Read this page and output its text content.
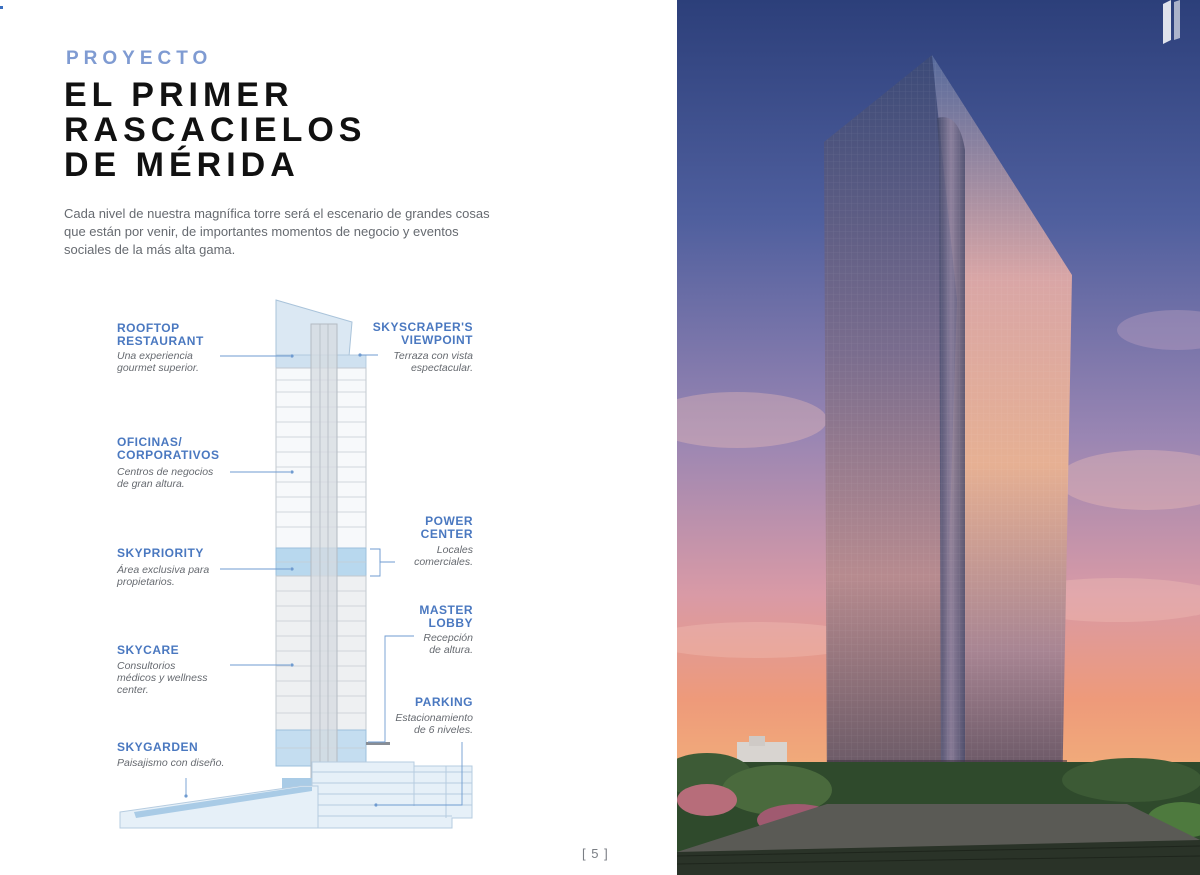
PROYECTO
EL PRIMER
RASCACIELOS
DE MÉRIDA

Cada nivel de nuestra magnífica torre será el escenario de grandes cosas
que están por venir, de importantes momentos de negocio y eventos
sociales de la más alta gama.

ROOFTOP
RESTAURANT
Una experiencia
gourmet superior.
OFICINAS/
CORPORATIVOS
Centros de negocios
de gran altura.
SKYPRIORITY
Área exclusiva para
propietarios.
SKYCARE
Consultorios
médicos y wellness
center.
SKYGARDEN
Paisajismo con diseño.
SKYSCRAPER'S
VIEWPOINT
Terraza con vista
espectacular.
POWER
CENTER
Locales
comerciales.
MASTER
LOBBY
Recepción
de altura.
PARKING
Estacionamiento
de 6 niveles.
[ 5 ]
